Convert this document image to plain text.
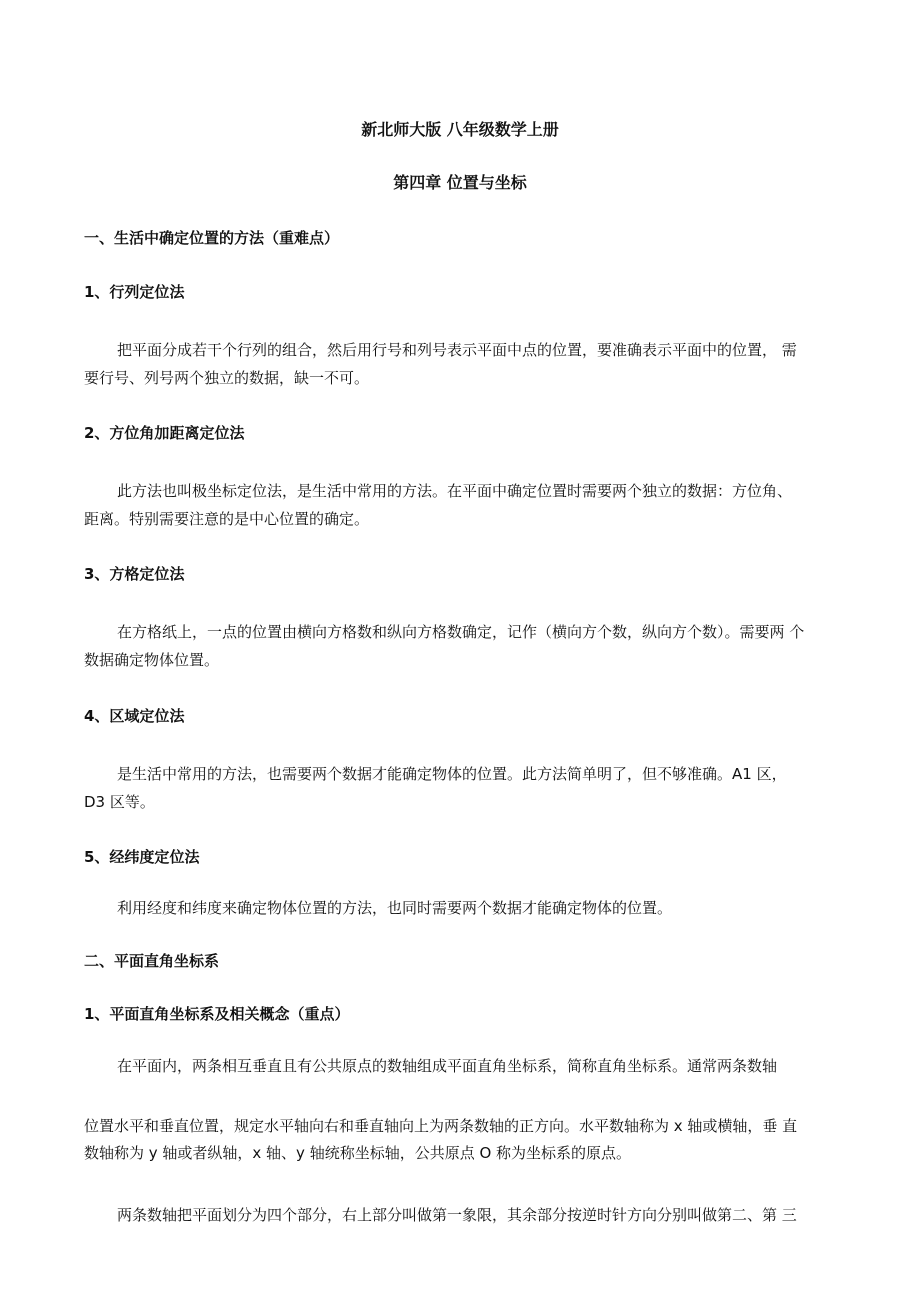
新北师大版 八年级数学上册
第四章 位置与坐标
一、生活中确定位置的方法（重难点）
1、行列定位法
把平面分成若干个行列的组合，然后用行号和列号表示平面中点的位置，要准确表示平面中的位置， 需
要行号、列号两个独立的数据，缺一不可。
2、方位角加距离定位法
此方法也叫极坐标定位法，是生活中常用的方法。在平面中确定位置时需要两个独立的数据：方位角、
距离。特别需要注意的是中心位置的确定。
3、方格定位法
在方格纸上，一点的位置由横向方格数和纵向方格数确定，记作（横向方个数，纵向方个数）。需要两 个
数据确定物体位置。
4、区域定位法
是生活中常用的方法，也需要两个数据才能确定物体的位置。此方法简单明了，但不够准确。A1 区，
D3 区等。
5、经纬度定位法
利用经度和纬度来确定物体位置的方法，也同时需要两个数据才能确定物体的位置。
二、平面直角坐标系
1、平面直角坐标系及相关概念（重点）
在平面内，两条相互垂直且有公共原点的数轴组成平面直角坐标系，简称直角坐标系。通常两条数轴
位置水平和垂直位置，规定水平轴向右和垂直轴向上为两条数轴的正方向。水平数轴称为 x 轴或横轴，垂 直
数轴称为 y 轴或者纵轴，x 轴、y 轴统称坐标轴，公共原点 O 称为坐标系的原点。
两条数轴把平面划分为四个部分，右上部分叫做第一象限，其余部分按逆时针方向分别叫做第二、第 三
